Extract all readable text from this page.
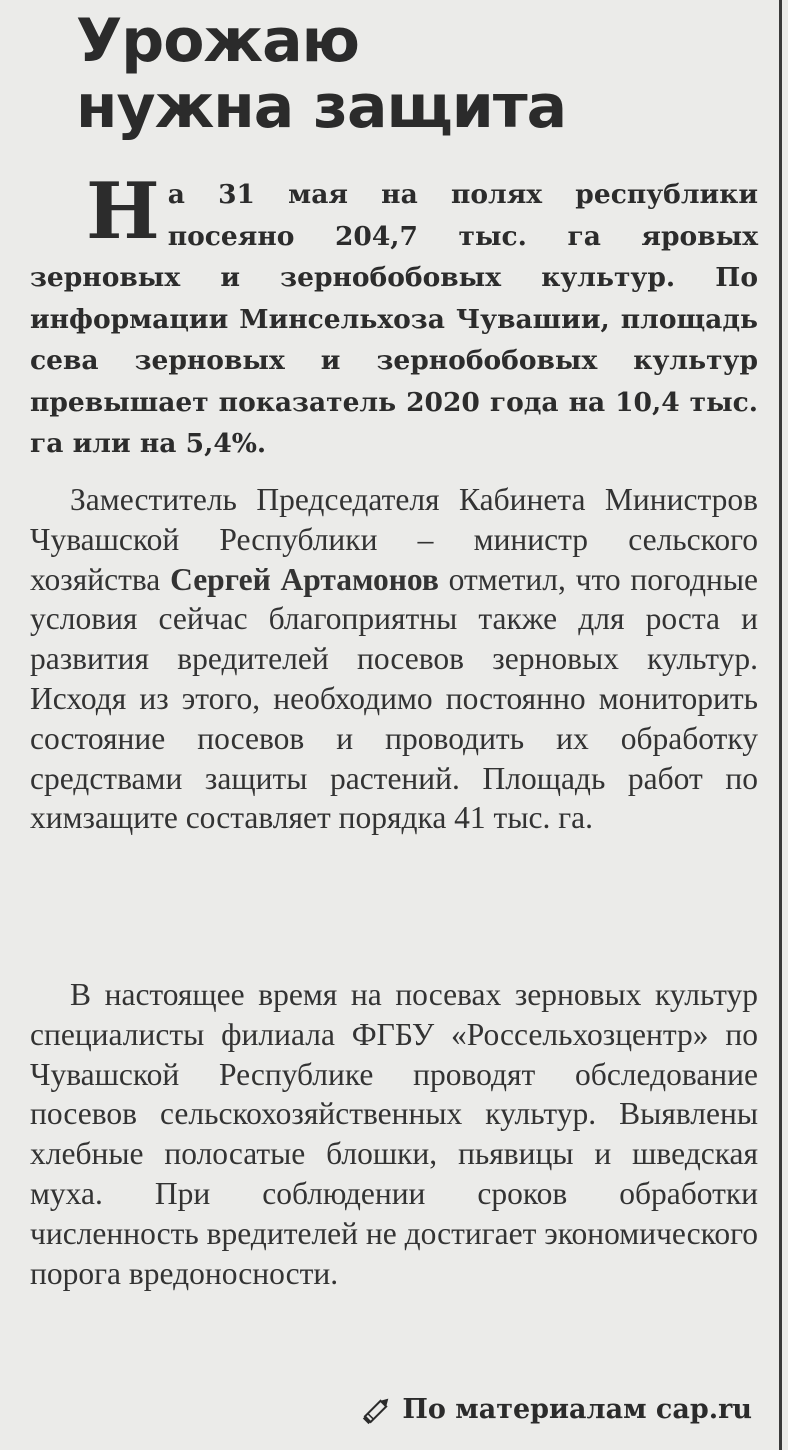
Урожаю
нужна защита

На 31 мая на полях республики посеяно 204,7 тыс. га яровых зерновых и зернобобовых культур. По информации Минсельхоза Чувашии, площадь сева зерновых и зернобобовых культур превышает показатель 2020 года на 10,4 тыс. га или на 5,4%.

Заместитель Председателя Кабинета Министров Чувашской Республики – министр сельского хозяйства Сергей Артамонов отметил, что погодные условия сейчас благоприятны также для роста и развития вредителей посевов зерновых культур. Исходя из этого, необходимо постоянно мониторить состояние посевов и проводить их обработку средствами защиты растений. Площадь работ по химзащите составляет порядка 41 тыс. га.

В настоящее время на посевах зерновых культур специалисты филиала ФГБУ «Россельхозцентр» по Чувашской Республике проводят обследование посевов сельскохозяйственных культур. Выявлены хлебные полосатые блошки, пьявицы и шведская муха. При соблюдении сроков обработки численность вредителей не достигает экономического порога вредоносности.

По материалам cap.ru
